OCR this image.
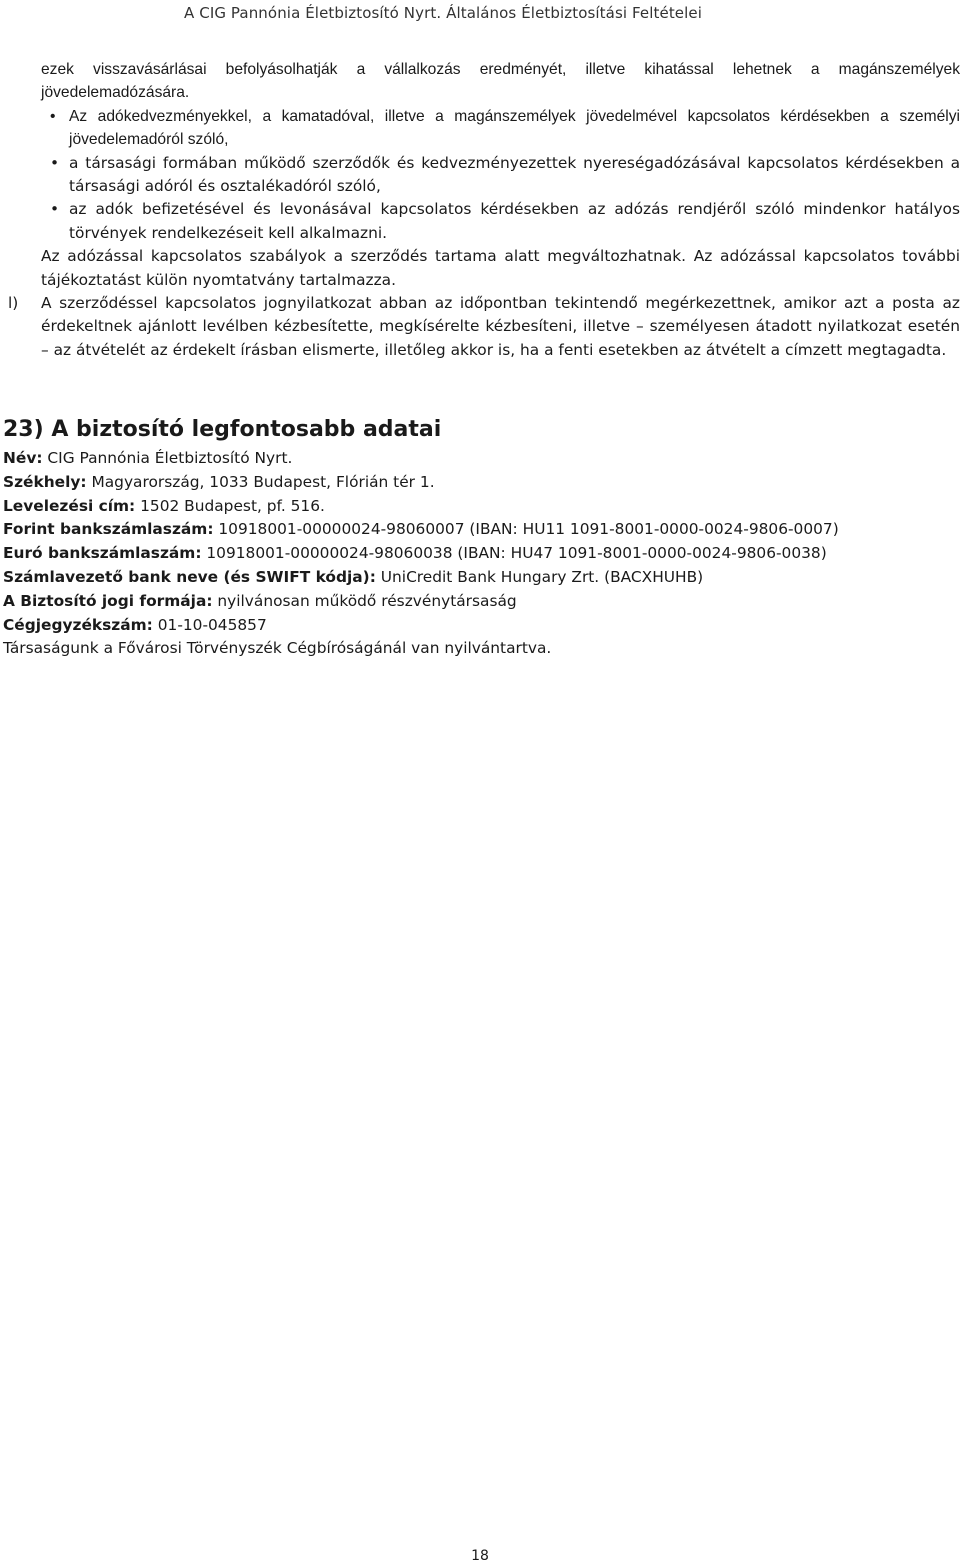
A CIG Pannónia Életbiztosító Nyrt. Általános Életbiztosítási Feltételei

ezek visszavásárlásai befolyásolhatják a vállalkozás eredményét, illetve kihatással lehetnek a magánszemélyek jövedelemadózására.

• Az adókedvezményekkel, a kamatadóval, illetve a magánszemélyek jövedelmével kapcsolatos kérdésekben a személyi jövedelemadóról szóló,
• a társasági formában működő szerződők és kedvezményezettek nyereségadózásával kapcsolatos kérdésekben a társasági adóról és osztalékadóról szóló,
• az adók befizetésével és levonásával kapcsolatos kérdésekben az adózás rendjéről szóló mindenkor hatályos törvények rendelkezéseit kell alkalmazni.

Az adózással kapcsolatos szabályok a szerződés tartama alatt megváltozhatnak. Az adózással kapcsolatos további tájékoztatást külön nyomtatvány tartalmazza.

l) A szerződéssel kapcsolatos jognyilatkozat abban az időpontban tekintendő megérkezettnek, amikor azt a posta az érdekeltnek ajánlott levélben kézbesítette, megkísérelte kézbesíteni, illetve – személyesen átadott nyilatkozat esetén – az átvételét az érdekelt írásban elismerte, illetőleg akkor is, ha a fenti esetekben az átvételt a címzett megtagadta.
23) A biztosító legfontosabb adatai

Név: CIG Pannónia Életbiztosító Nyrt.

Székhely: Magyarország, 1033 Budapest, Flórián tér 1.

Levelezési cím: 1502 Budapest, pf. 516.

Forint bankszámlaszám: 10918001-00000024-98060007 (IBAN: HU11 1091-8001-0000-0024-9806-0007)

Euró bankszámlaszám: 10918001-00000024-98060038 (IBAN: HU47 1091-8001-0000-0024-9806-0038)

Számlavezető bank neve (és SWIFT kódja): UniCredit Bank Hungary Zrt. (BACXHUHB)

A Biztosító jogi formája: nyilvánosan működő részvénytársaság

Cégjegyzékszám: 01-10-045857

Társaságunk a Fővárosi Törvényszék Cégbíróságánál van nyilvántartva.

18
